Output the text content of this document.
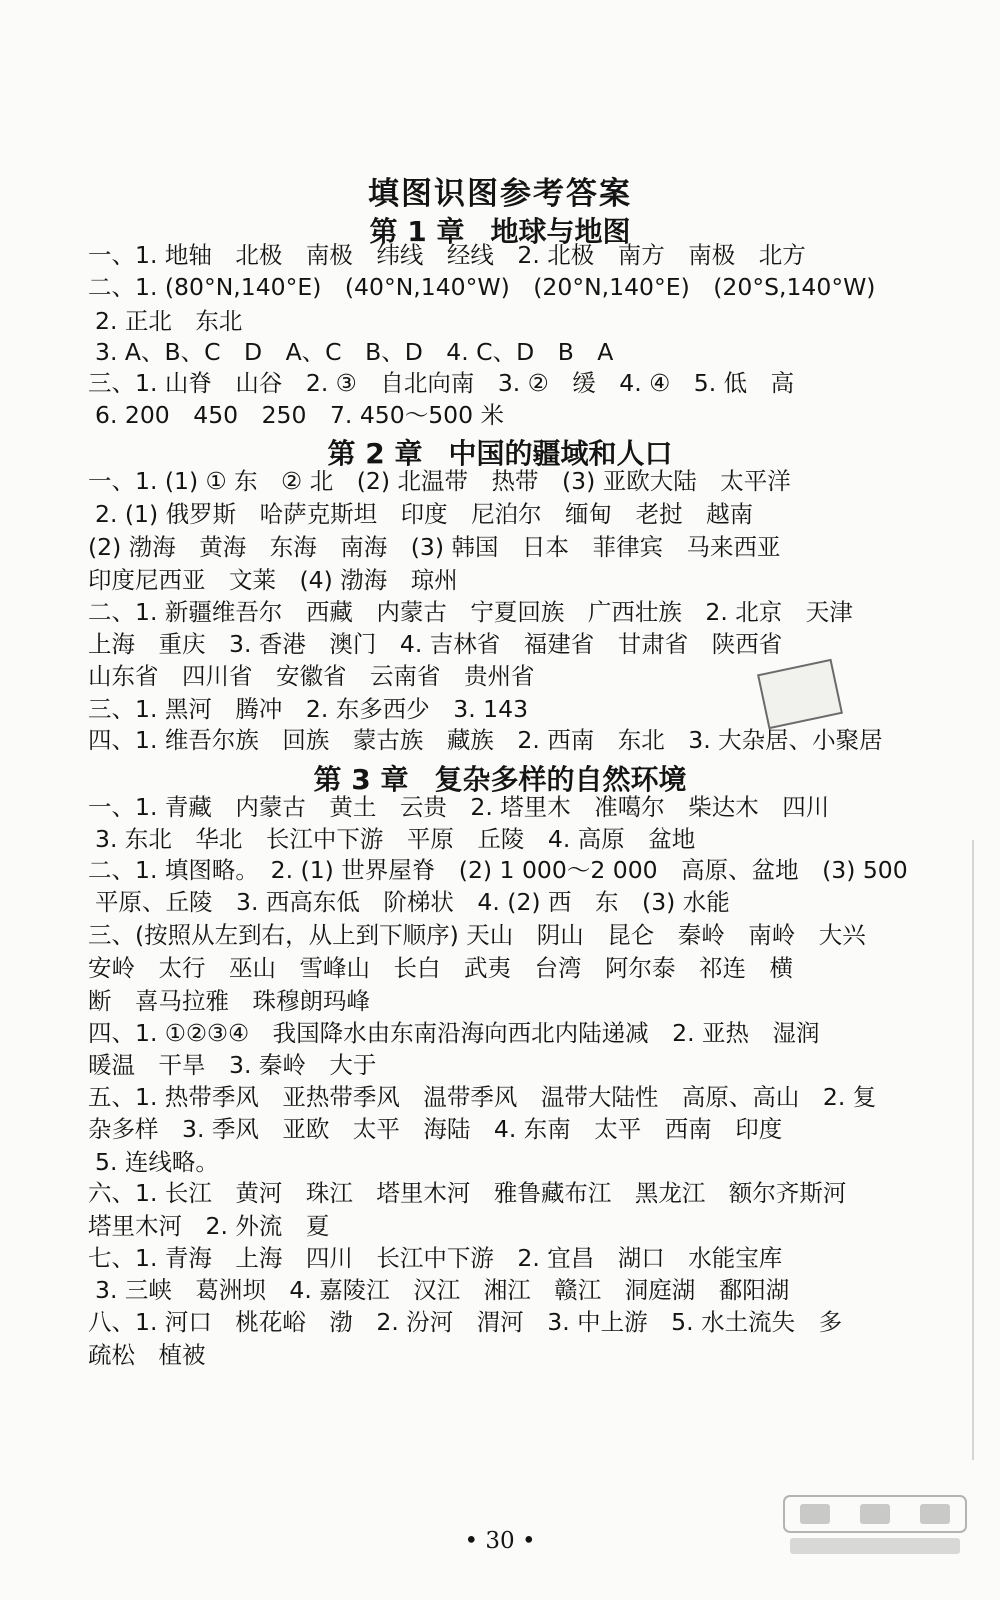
填图识图参考答案
第 1 章 地球与地图
一、1. 地轴　北极　南极　纬线　经线　2. 北极　南方　南极　北方
二、1. (80°N,140°E)　(40°N,140°W)　(20°N,140°E)　(20°S,140°W)
2. 正北　东北
3. A、B、C　D　A、C　B、D　4. C、D　B　A
三、1. 山脊　山谷　2. ③　自北向南　3. ②　缓　4. ④　5. 低　高
6. 200　450　250　7. 450～500 米
第 2 章 中国的疆域和人口
一、1. (1) ① 东　② 北　(2) 北温带　热带　(3) 亚欧大陆　太平洋
2. (1) 俄罗斯　哈萨克斯坦　印度　尼泊尔　缅甸　老挝　越南
(2) 渤海　黄海　东海　南海　(3) 韩国　日本　菲律宾　马来西亚
印度尼西亚　文莱　(4) 渤海　琼州
二、1. 新疆维吾尔　西藏　内蒙古　宁夏回族　广西壮族　2. 北京　天津
上海　重庆　3. 香港　澳门　4. 吉林省　福建省　甘肃省　陕西省
山东省　四川省　安徽省　云南省　贵州省
三、1. 黑河　腾冲　2. 东多西少　3. 143
四、1. 维吾尔族　回族　蒙古族　藏族　2. 西南　东北　3. 大杂居、小聚居
第 3 章 复杂多样的自然环境
一、1. 青藏　内蒙古　黄土　云贵　2. 塔里木　准噶尔　柴达木　四川
3. 东北　华北　长江中下游　平原　丘陵　4. 高原　盆地
二、1. 填图略。　2. (1) 世界屋脊　(2) 1 000～2 000　高原、盆地　(3) 500
平原、丘陵　3. 西高东低　阶梯状　4. (2) 西　东　(3) 水能
三、(按照从左到右，从上到下顺序) 天山　阴山　昆仑　秦岭　南岭　大兴
安岭　太行　巫山　雪峰山　长白　武夷　台湾　阿尔泰　祁连　横
断　喜马拉雅　珠穆朗玛峰
四、1. ①②③④　我国降水由东南沿海向西北内陆递减　2. 亚热　湿润
暖温　干旱　3. 秦岭　大于
五、1. 热带季风　亚热带季风　温带季风　温带大陆性　高原、高山　2. 复
杂多样　3. 季风　亚欧　太平　海陆　4. 东南　太平　西南　印度
5. 连线略。
六、1. 长江　黄河　珠江　塔里木河　雅鲁藏布江　黑龙江　额尔齐斯河
塔里木河　2. 外流　夏
七、1. 青海　上海　四川　长江中下游　2. 宜昌　湖口　水能宝库
3. 三峡　葛洲坝　4. 嘉陵江　汉江　湘江　赣江　洞庭湖　鄱阳湖
八、1. 河口　桃花峪　渤　2. 汾河　渭河　3. 中上游　5. 水土流失　多
疏松　植被
• 30 •
